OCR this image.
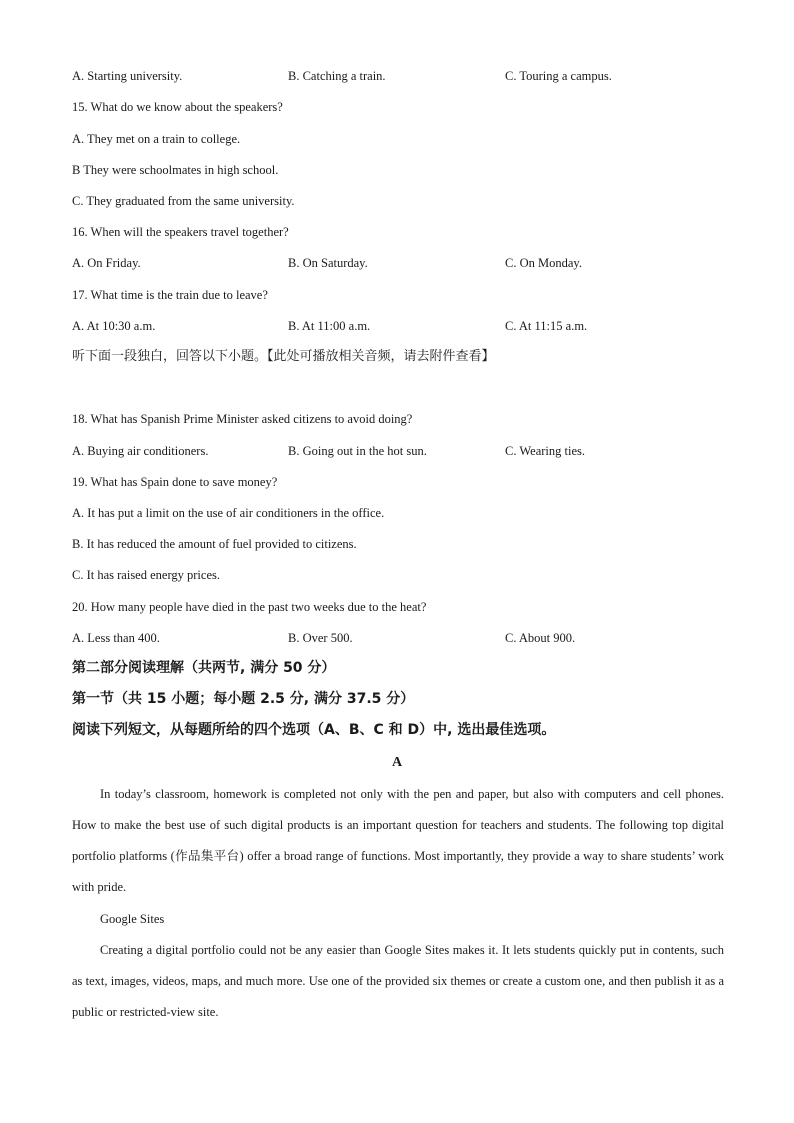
A. Starting university.	B. Catching a train.	C. Touring a campus.
15. What do we know about the speakers?
A. They met on a train to college.
B They were schoolmates in high school.
C. They graduated from the same university.
16. When will the speakers travel together?
A. On Friday.	B. On Saturday.	C. On Monday.
17. What time is the train due to leave?
A. At 10:30 a.m.	B. At 11:00 a.m.	C. At 11:15 a.m.
听下面一段独白，回答以下小题。【此处可播放相关音频，请去附件查看】
18. What has Spanish Prime Minister asked citizens to avoid doing?
A. Buying air conditioners.	B. Going out in the hot sun.	C. Wearing ties.
19. What has Spain done to save money?
A. It has put a limit on the use of air conditioners in the office.
B. It has reduced the amount of fuel provided to citizens.
C. It has raised energy prices.
20. How many people have died in the past two weeks due to the heat?
A. Less than 400.	B. Over 500.	C. About 900.
第二部分阅读理解（共两节, 满分 50 分）
第一节（共 15 小题；每小题 2.5 分, 满分 37.5 分）
阅读下列短文，从每题所给的四个选项（A、B、C 和 D）中, 选出最佳选项。
A

In today’s classroom, homework is completed not only with the pen and paper, but also with computers and cell phones. How to make the best use of such digital products is an important question for teachers and students. The following top digital portfolio platforms (作品集平台) offer a broad range of functions. Most importantly, they provide a way to share students’ work with pride.

Google Sites

Creating a digital portfolio could not be any easier than Google Sites makes it. It lets students quickly put in contents, such as text, images, videos, maps, and much more. Use one of the provided six themes or create a custom one, and then publish it as a public or restricted-view site.
